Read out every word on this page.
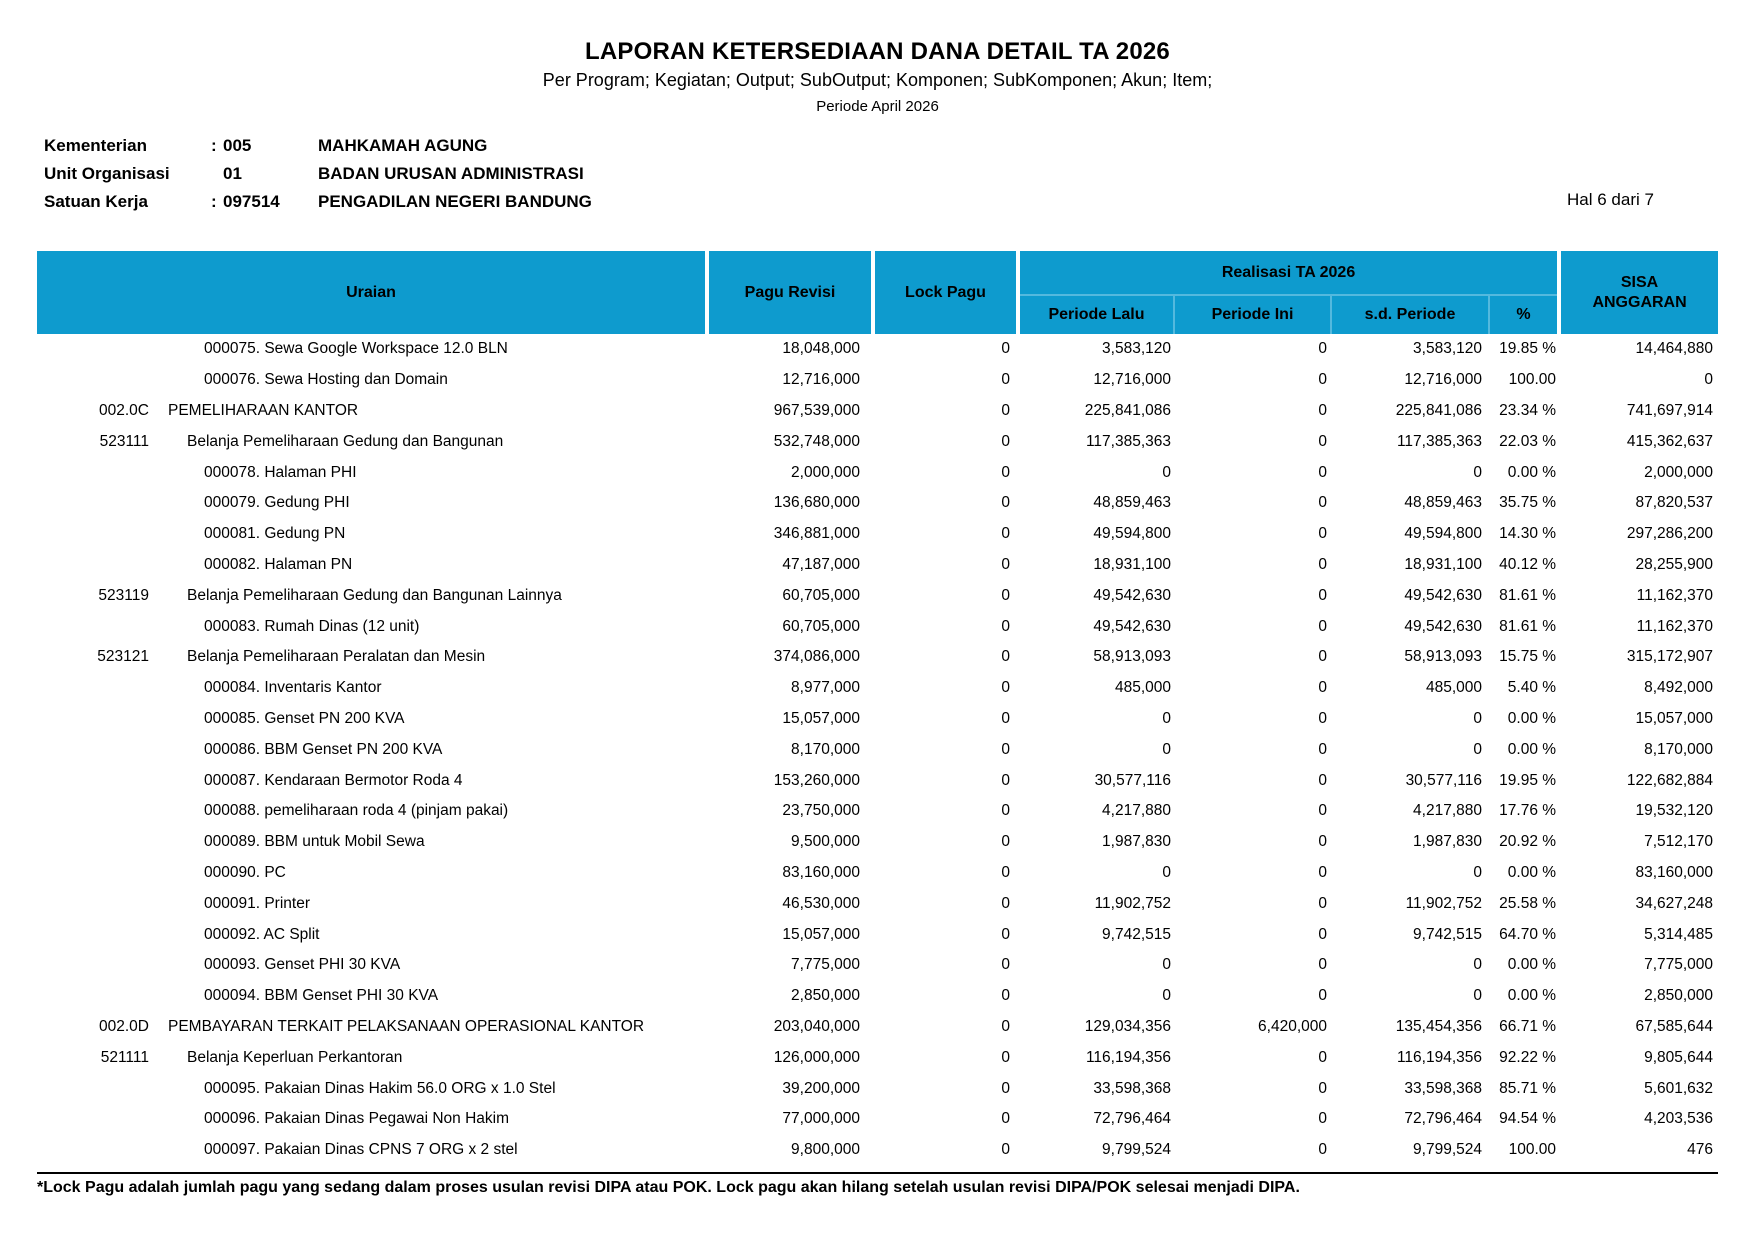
LAPORAN KETERSEDIAAN DANA DETAIL TA 2026
Per Program; Kegiatan; Output; SubOutput; Komponen; SubKomponen; Akun; Item;
Periode April 2026
Kementerian	: 005	MAHKAMAH AGUNG
Unit Organisasi	01	BADAN URUSAN ADMINISTRASI
Satuan Kerja	: 097514	PENGADILAN NEGERI BANDUNG	Hal 6 dari 7
Uraian	Pagu Revisi	Lock Pagu	Realisasi TA 2026				SISA ANGGARAN
			Periode Lalu	Periode Ini	s.d. Periode	%	

000075. Sewa Google Workspace 12.0 BLN	18,048,000	0	3,583,120	0	3,583,120	19.85 %	14,464,880

000076. Sewa Hosting dan Domain	12,716,000	0	12,716,000	0	12,716,000	100.00	0

002.0C PEMELIHARAAN KANTOR	967,539,000	0	225,841,086	0	225,841,086	23.34 %	741,697,914

523111 Belanja Pemeliharaan Gedung dan Bangunan	532,748,000	0	117,385,363	0	117,385,363	22.03 %	415,362,637

000078. Halaman PHI	2,000,000	0	0	0	0	0.00 %	2,000,000

000079. Gedung PHI	136,680,000	0	48,859,463	0	48,859,463	35.75 %	87,820,537

000081. Gedung PN	346,881,000	0	49,594,800	0	49,594,800	14.30 %	297,286,200

000082. Halaman PN	47,187,000	0	18,931,100	0	18,931,100	40.12 %	28,255,900

523119 Belanja Pemeliharaan Gedung dan Bangunan Lainnya	60,705,000	0	49,542,630	0	49,542,630	81.61 %	11,162,370

000083. Rumah Dinas (12 unit)	60,705,000	0	49,542,630	0	49,542,630	81.61 %	11,162,370

523121 Belanja Pemeliharaan Peralatan dan Mesin	374,086,000	0	58,913,093	0	58,913,093	15.75 %	315,172,907

000084. Inventaris Kantor	8,977,000	0	485,000	0	485,000	5.40 %	8,492,000

000085. Genset PN 200 KVA	15,057,000	0	0	0	0	0.00 %	15,057,000

000086. BBM Genset PN 200 KVA	8,170,000	0	0	0	0	0.00 %	8,170,000

000087. Kendaraan Bermotor Roda 4	153,260,000	0	30,577,116	0	30,577,116	19.95 %	122,682,884

000088. pemeliharaan roda 4 (pinjam pakai)	23,750,000	0	4,217,880	0	4,217,880	17.76 %	19,532,120

000089. BBM untuk Mobil Sewa	9,500,000	0	1,987,830	0	1,987,830	20.92 %	7,512,170

000090. PC	83,160,000	0	0	0	0	0.00 %	83,160,000

000091. Printer	46,530,000	0	11,902,752	0	11,902,752	25.58 %	34,627,248

000092. AC Split	15,057,000	0	9,742,515	0	9,742,515	64.70 %	5,314,485

000093. Genset PHI 30 KVA	7,775,000	0	0	0	0	0.00 %	7,775,000

000094. BBM Genset PHI 30 KVA	2,850,000	0	0	0	0	0.00 %	2,850,000

002.0D PEMBAYARAN TERKAIT PELAKSANAAN OPERASIONAL KANTOR	203,040,000	0	129,034,356	6,420,000	135,454,356	66.71 %	67,585,644

521111 Belanja Keperluan Perkantoran	126,000,000	0	116,194,356	0	116,194,356	92.22 %	9,805,644

000095. Pakaian Dinas Hakim 56.0 ORG x 1.0 Stel	39,200,000	0	33,598,368	0	33,598,368	85.71 %	5,601,632

000096. Pakaian Dinas Pegawai Non Hakim	77,000,000	0	72,796,464	0	72,796,464	94.54 %	4,203,536

000097. Pakaian Dinas CPNS 7 ORG x 2 stel	9,800,000	0	9,799,524	0	9,799,524	100.00	476
*Lock Pagu adalah jumlah pagu yang sedang dalam proses usulan revisi DIPA atau POK. Lock pagu akan hilang setelah usulan revisi DIPA/POK selesai menjadi DIPA.
